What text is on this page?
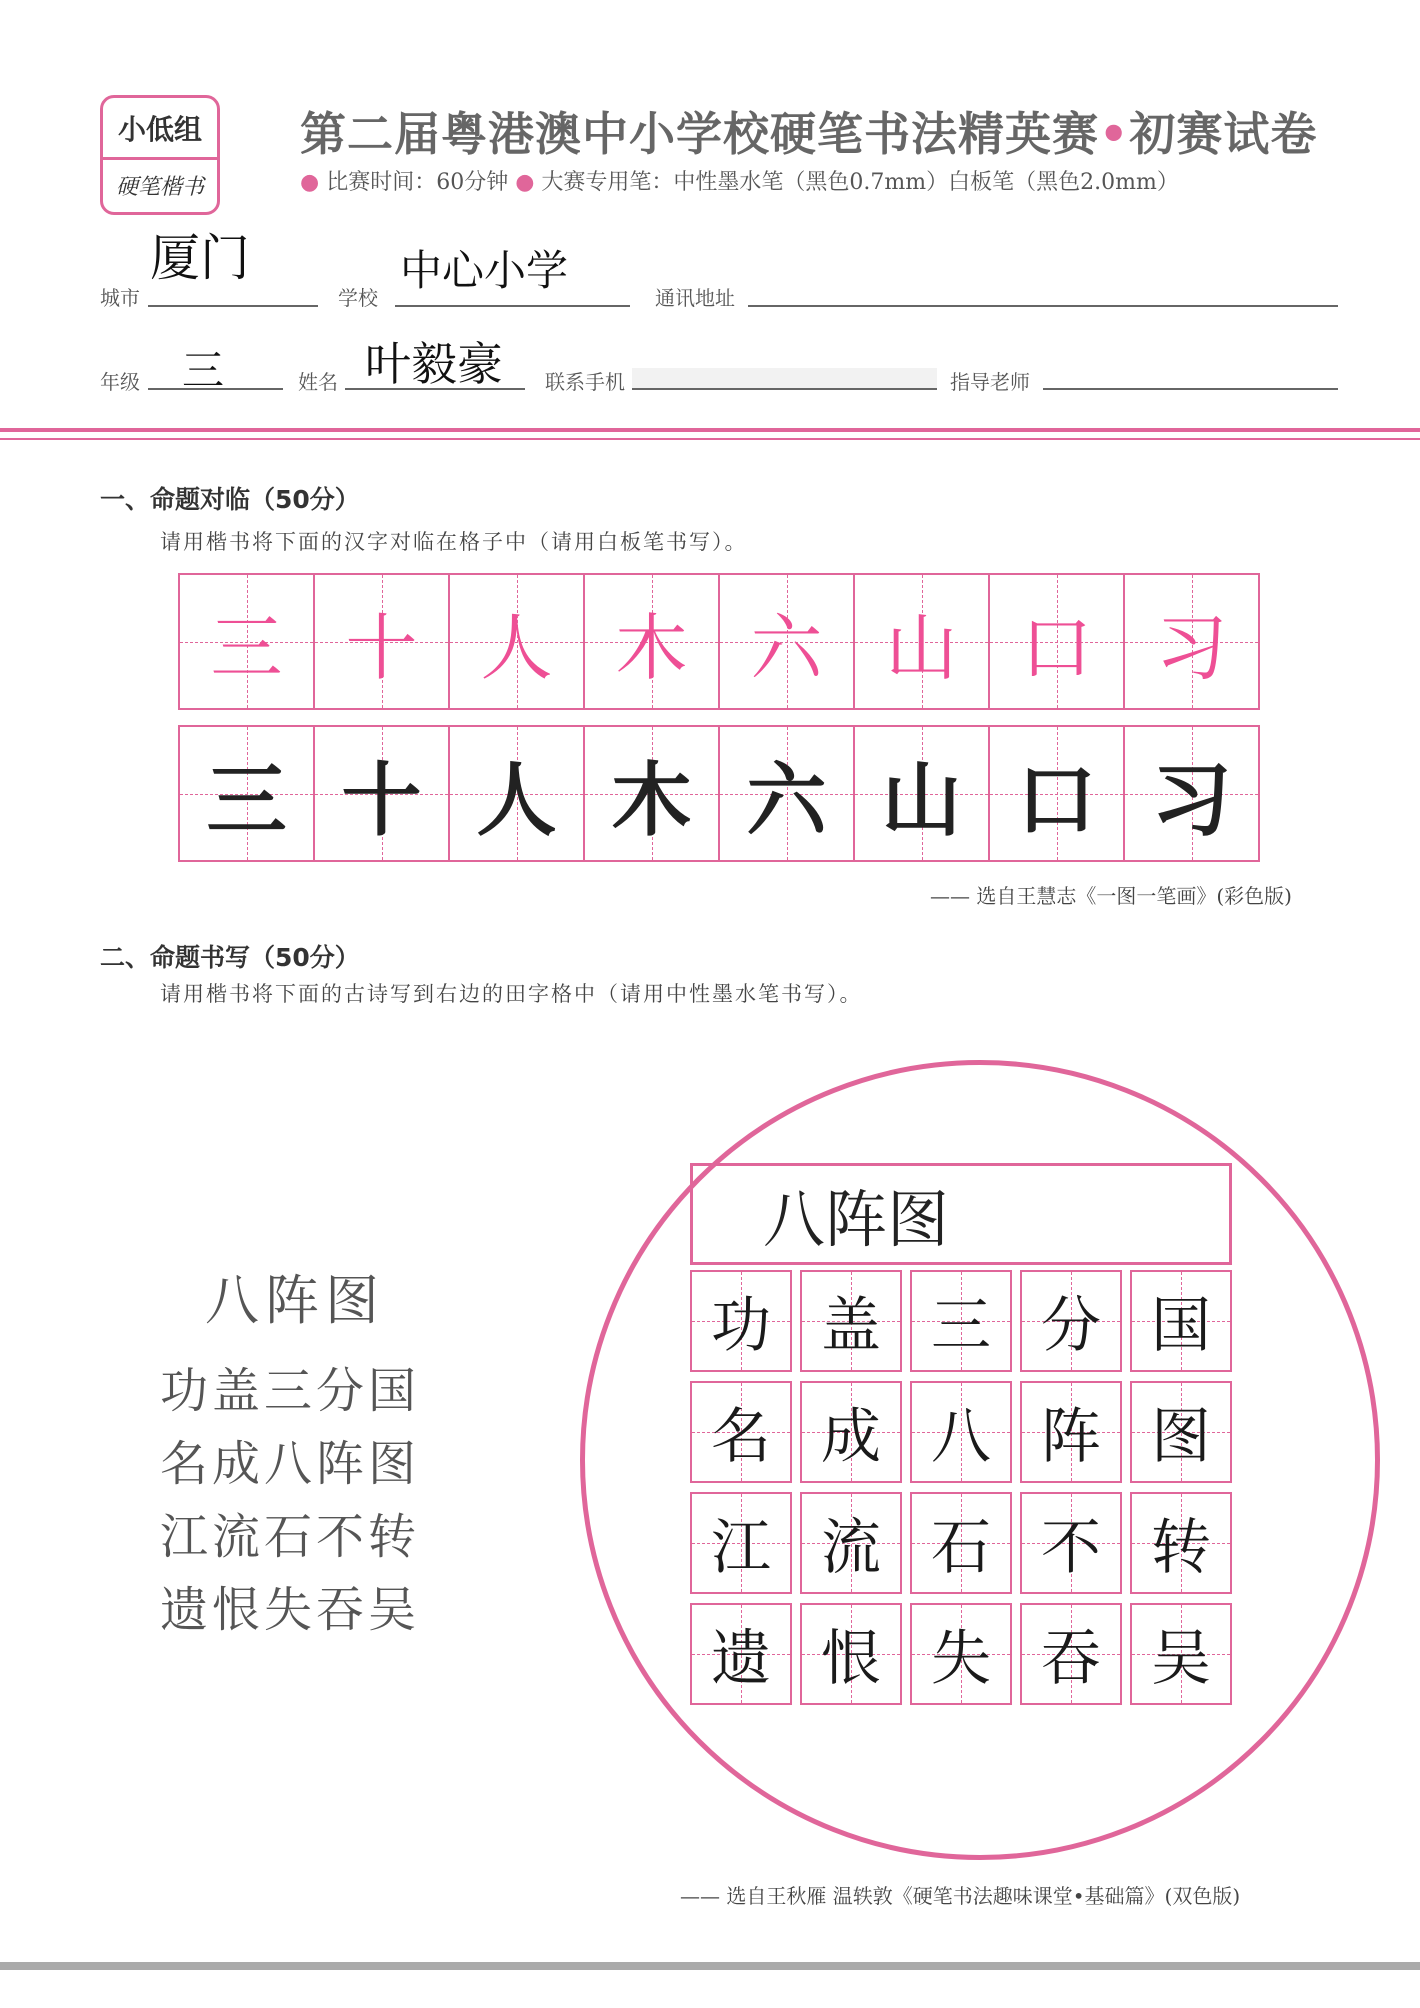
小低组
硬笔楷书
第二届粤港澳中小学校硬笔书法精英赛•初赛试卷
● 比赛时间：60分钟 ● 大赛专用笔：中性墨水笔（黑色0.7mm）白板笔（黑色2.0mm）
城市
厦门
学校
中心小学
通讯地址
年级 三	姓名 叶毅豪 联系手机	指导老师
一、命题对临（50分）
请用楷书将下面的汉字对临在格子中（请用白板笔书写）。
三 十 人 木 六 山 口 习
三 十 人 木 六 山 口 习
—— 选自王慧志《一图一笔画》(彩色版)
二、命题书写（50分）
请用楷书将下面的古诗写到右边的田字格中（请用中性墨水笔书写）。
八阵图
功盖三分国
名成八阵图
江流石不转
遗恨失吞吴
八阵图
功 盖 三 分 国
名 成 八 阵 图
江 流 石 不 转
遗 恨 失 吞 吴
—— 选自王秋雁 温轶敦《硬笔书法趣味课堂•基础篇》(双色版)
